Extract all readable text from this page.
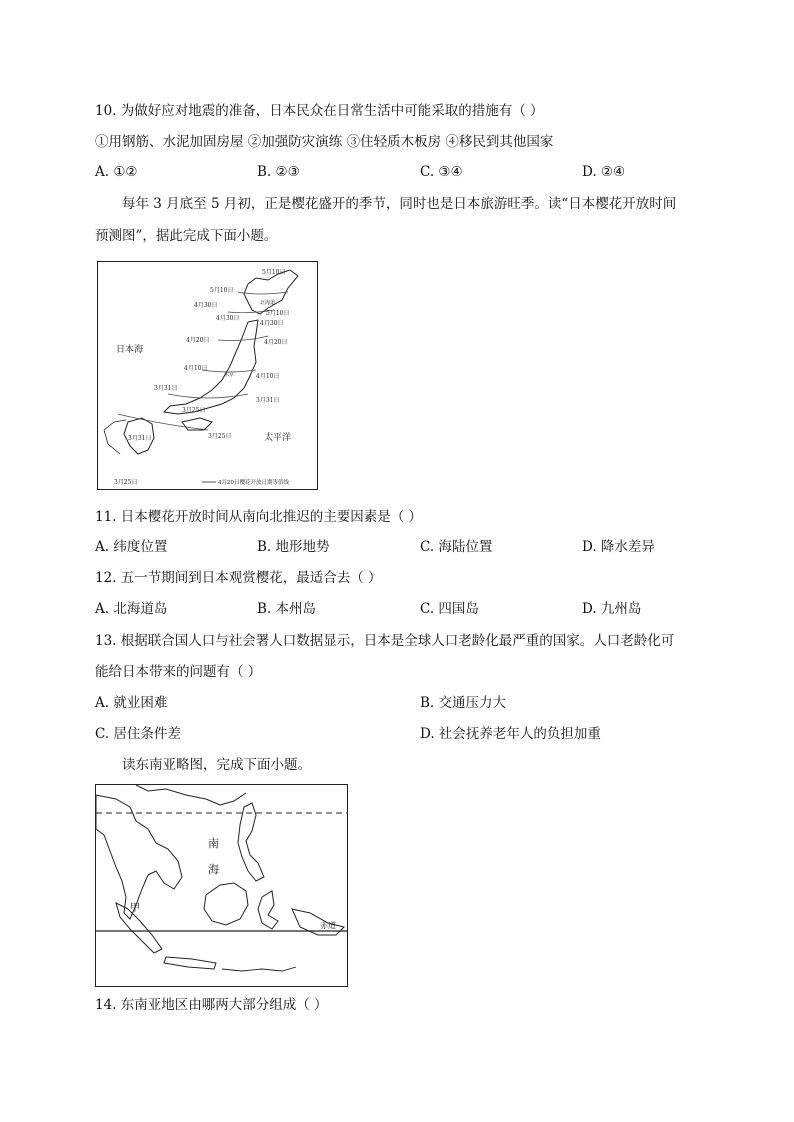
10. 为做好应对地震的准备，日本民众在日常生活中可能采取的措施有（ ）
①用钢筋、水泥加固房屋 ②加强防灾演练 ③住轻质木板房 ④移民到其他国家
A. ①②	B. ②③	C. ③④	D. ②④
每年 3 月底至 5 月初，正是樱花盛开的季节，同时也是日本旅游旺季。读“日本樱花开放时间
预测图”，据此完成下面小题。
日本海
太平洋
北海道
东京
5月10日
5月10日
4月30日
5月10日
4月30日
4月30日
4月20日	4月20日
4月10日
4月10日
3月31日
3月31日
3月25日
3月25日
3月25日
3月31日
4月20日樱花开放日期等值线
11. 日本樱花开放时间从南向北推迟的主要因素是（ ）
A. 纬度位置	B. 地形地势	C. 海陆位置	D. 降水差异
12. 五一节期间到日本观赏樱花，最适合去（ ）
A. 北海道岛	B. 本州岛	C. 四国岛	D. 九州岛
13. 根据联合国人口与社会署人口数据显示，日本是全球人口老龄化最严重的国家。人口老龄化可
能给日本带来的问题有（ ）
A. 就业困难	B. 交通压力大
C. 居住条件差	D. 社会抚养老年人的负担加重
读东南亚略图，完成下面小题。
南
海
甲
赤道
14. 东南亚地区由哪两大部分组成（ ）
